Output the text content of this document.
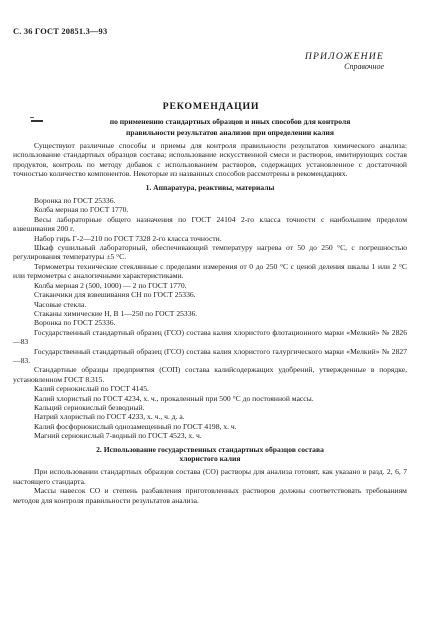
С. 36 ГОСТ 20851.3—93
ПРИЛОЖЕНИЕ
Справочное
РЕКОМЕНДАЦИИ
по применению стандартных образцов и иных способов для контроля
правильности результатов анализов при определении калия

Существуют различные способы и приемы для контроля правильности результатов химического анализа: использование стандартных образцов состава; использование искусственной смеси и растворов, имитирующих состав продуктов, контроль по методу добавок с использованием растворов, содержащих установленное с достаточной точностью количество компонентов. Некоторые из названных способов рассмотрены в рекомендациях.

1. Аппаратура, реактивы, материалы

Воронка по ГОСТ 25336.

Колба мерная по ГОСТ 1770.

Весы лабораторные общего назначения по ГОСТ 24104 2-го класса точности с наибольшим пределом взвешивания 200 г.

Набор гирь Г-2—210 по ГОСТ 7328 2-го класса точности.

Шкаф сушильный лабораторный, обеспечивающий температуру нагрева от 50 до 250 °С, с погрешностью регулирования температуры ±5 °С.

Термометры технические стеклянные с пределами измерения от 0 до 250 °С с ценой деления шкалы 1 или 2 °С или термометры с аналогичными характеристиками.

Колба мерная 2 (500, 1000) — 2 по ГОСТ 1770.

Стаканчики для взвешивания СН по ГОСТ 25336.

Часовые стекла.

Стаканы химические Н, В 1—250 по ГОСТ 25336.

Воронка по ГОСТ 25336.

Государственный стандартный образец (ГСО) состава калия хлористого флотационного марки «Мелкий» № 2826—83

Государственный стандартный образец (ГСО) состава калия хлористого галургического марки «Мелкий» № 2827—83.

Стандартные образцы предприятия (СОП) состава калийсодержащих удобрений, утвержденные в порядке, установленном ГОСТ 8.315.

Калий сернокислый по ГОСТ 4145.

Калий хлористый по ГОСТ 4234, х. ч., прокаленный при 500 °С до постоянной массы.

Кальций сернокислый безводный.

Натрий хлористый по ГОСТ 4233, х. ч., ч. д. а.

Калий фосфорнокислый однозамещенный по ГОСТ 4198, х. ч.

Магний сернокислый 7-водный по ГОСТ 4523, х. ч.

2. Использование государственных стандартных образцов состава
хлористого калия

При использовании стандартных образцов состава (СО) растворы для анализа готовят, как указано в разд. 2, 6, 7 настоящего стандарта.

Массы навесок СО и степень разбавления приготовленных растворов должны соответствовать требованиям методов для контроля правильности результатов анализа.
